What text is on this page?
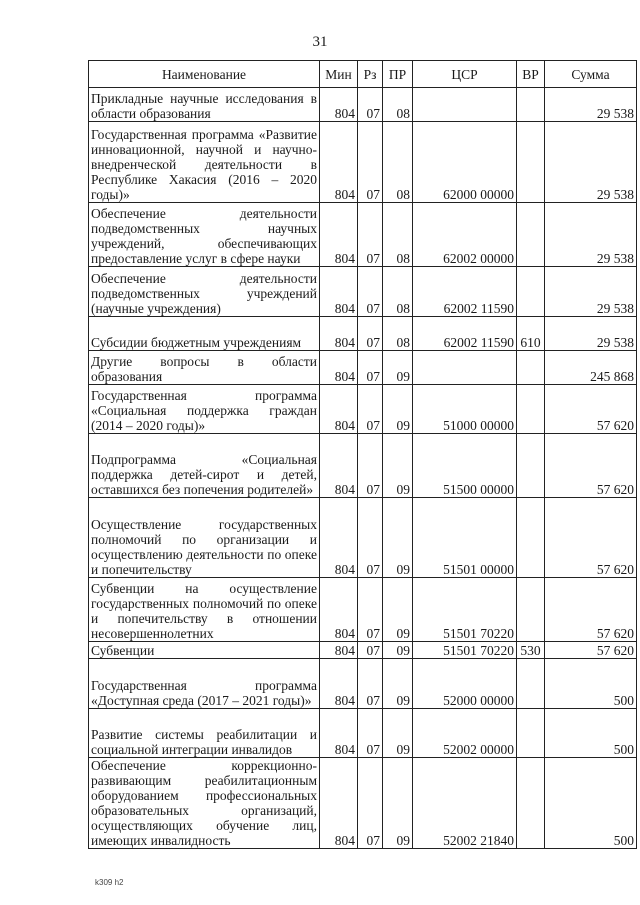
31
Наименование	Мин	Рз	ПР	ЦСР	ВР	Сумма
Прикладные научные исследования в области образования	804	07	08			29 538
Государственная программа «Развитие инновационной, научной и научно-внедренческой деятельности в Республике Хакасия (2016 – 2020 годы)»	804	07	08	62000 00000		29 538
Обеспечение деятельности подведомственных научных учреждений, обеспечивающих предоставление услуг в сфере науки	804	07	08	62002 00000		29 538
Обеспечение деятельности подведомственных учреждений (научные учреждения)	804	07	08	62002 11590		29 538
Субсидии бюджетным учреждениям	804	07	08	62002 11590	610	29 538
Другие вопросы в области образования	804	07	09			245 868
Государственная программа «Социальная поддержка граждан (2014 – 2020 годы)»	804	07	09	51000 00000		57 620
Подпрограмма «Социальная поддержка детей-сирот и детей, оставшихся без попечения родителей»	804	07	09	51500 00000		57 620
Осуществление государственных полномочий по организации и осуществлению деятельности по опеке и попечительству	804	07	09	51501 00000		57 620
Субвенции на осуществление государственных полномочий по опеке и попечительству в отношении несовершеннолетних	804	07	09	51501 70220		57 620
Субвенции	804	07	09	51501 70220	530	57 620
Государственная программа «Доступная среда (2017 – 2021 годы)»	804	07	09	52000 00000		500
Развитие системы реабилитации и социальной интеграции инвалидов	804	07	09	52002 00000		500
Обеспечение коррекционно-развивающим реабилитационным оборудованием профессиональных образовательных организаций, осуществляющих обучение лиц, имеющих инвалидность	804	07	09	52002 21840		500
k309 h2
